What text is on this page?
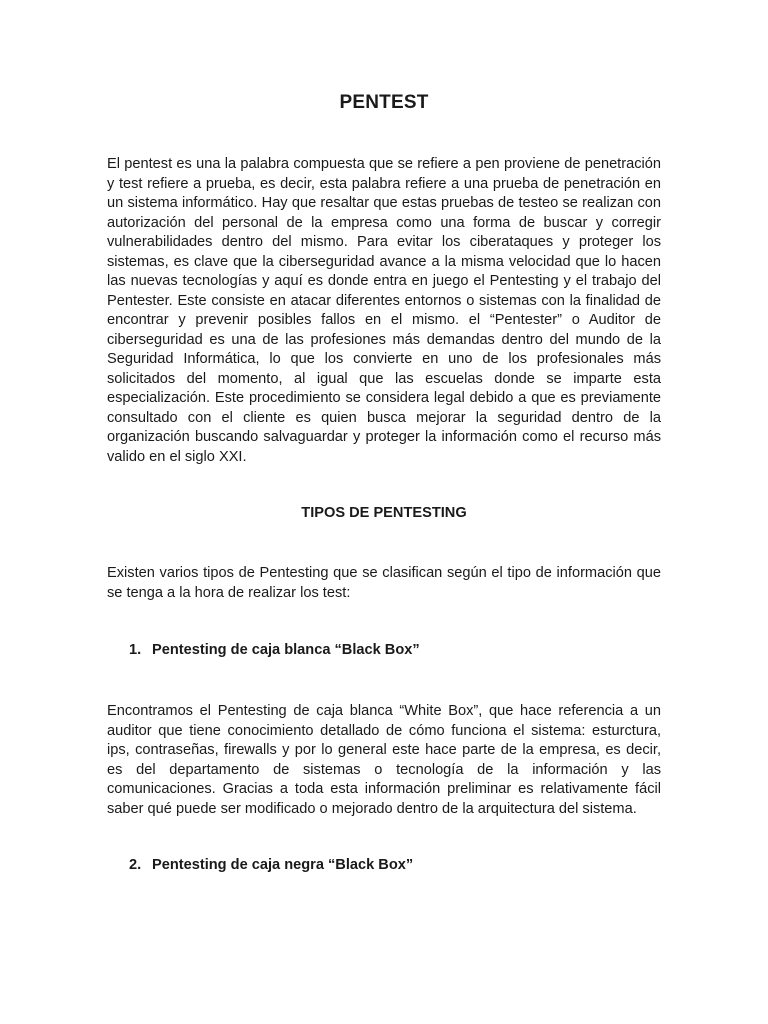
PENTEST

El pentest es una la palabra compuesta que se refiere a pen proviene de penetración y test refiere a prueba, es decir, esta palabra refiere a una prueba de penetración en un sistema informático. Hay que resaltar que estas pruebas de testeo se realizan con autorización del personal de la empresa como una forma de buscar y corregir vulnerabilidades dentro del mismo. Para evitar los ciberataques y proteger los sistemas, es clave que la ciberseguridad avance a la misma velocidad que lo hacen las nuevas tecnologías y aquí es donde entra en juego el Pentesting y el trabajo del Pentester. Este consiste en atacar diferentes entornos o sistemas con la finalidad de encontrar y prevenir posibles fallos en el mismo. el “Pentester” o Auditor de ciberseguridad es una de las profesiones más demandas dentro del mundo de la Seguridad Informática, lo que los convierte en uno de los profesionales más solicitados del momento, al igual que las escuelas donde se imparte esta especialización. Este procedimiento se considera legal debido a que es previamente consultado con el cliente es quien busca mejorar la seguridad dentro de la organización buscando salvaguardar y proteger la información como el recurso más valido en el siglo XXI.

TIPOS DE PENTESTING

Existen varios tipos de Pentesting que se clasifican según el tipo de información que se tenga a la hora de realizar los test:

1. Pentesting de caja blanca “Black Box”

Encontramos el Pentesting de caja blanca “White Box”, que hace referencia a un auditor que tiene conocimiento detallado de cómo funciona el sistema: esturctura, ips, contraseñas, firewalls y por lo general este hace parte de la empresa, es decir, es del departamento de sistemas o tecnología de la información y las comunicaciones. Gracias a toda esta información preliminar es relativamente fácil saber qué puede ser modificado o mejorado dentro de la arquitectura del sistema.

2. Pentesting de caja negra “Black Box”
